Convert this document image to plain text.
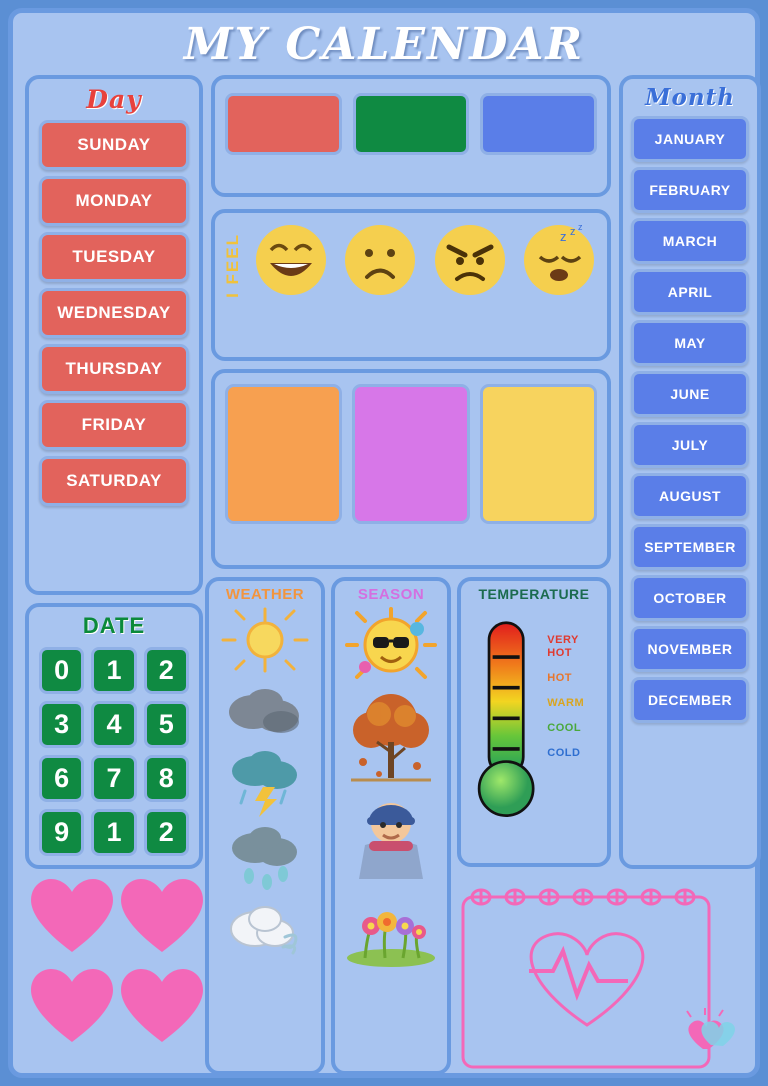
MY CALENDAR
Day
SUNDAY
MONDAY
TUESDAY
WEDNESDAY
THURSDAY
FRIDAY
SATURDAY
DATE
0	1	2
3	4	5
6	7	8
9	1	2
I FEEL	z z z
WEATHER	SEASON	TEMPERATURE
VERY HOT
HOT
WARM
COOL
COLD
Month
JANUARY
FEBRUARY
MARCH
APRIL
MAY
JUNE
JULY
AUGUST
SEPTEMBER
OCTOBER
NOVEMBER
DECEMBER
